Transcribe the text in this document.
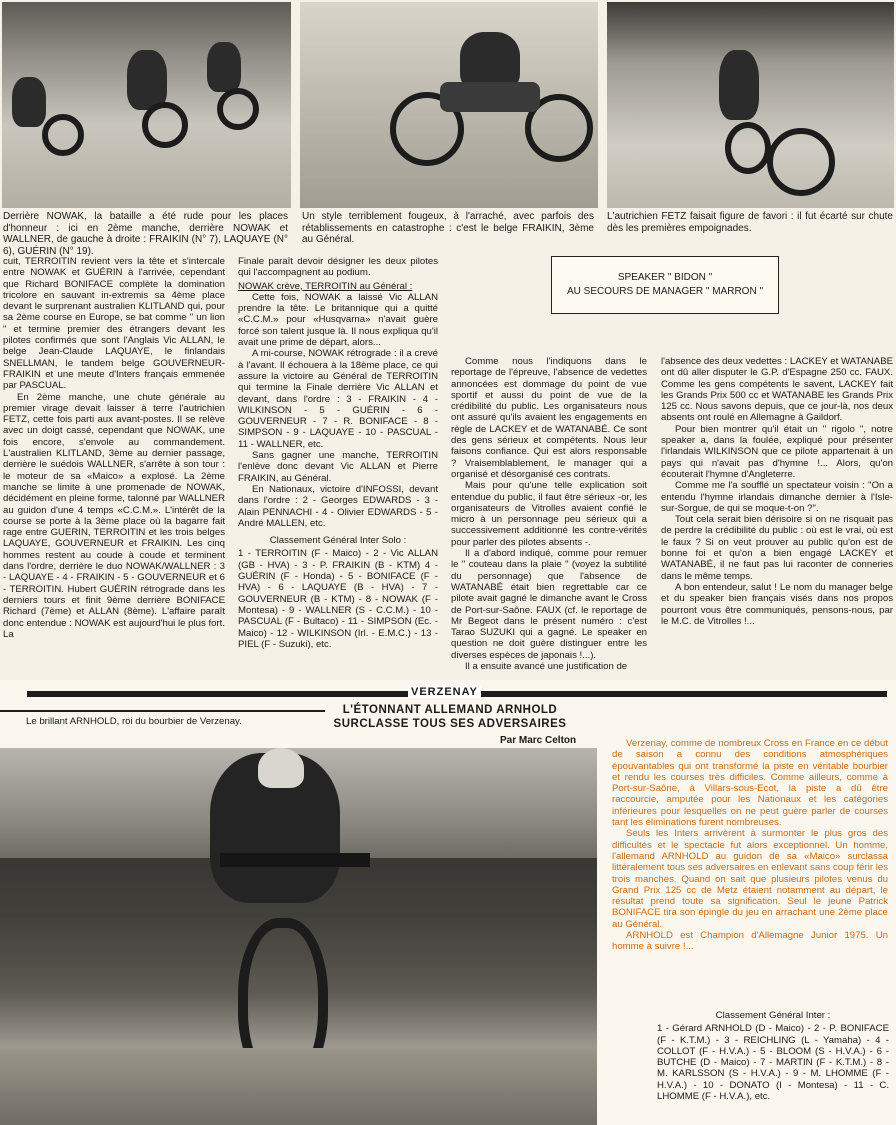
Derrière NOWAK, la bataille a été rude pour les places d'honneur : ici en 2ème manche, derrière NOWAK et WALLNER, de gauche à droite : FRAIKIN (N° 7), LAQUAYE (N° 6), GUÉRIN (N° 19).
Un style terriblement fougeux, à l'arraché, avec parfois des rétablissements en catastrophe : c'est le belge FRAIKIN, 3ème au Général.
L'autrichien FETZ faisait figure de favori : il fut écarté sur chute dès les premières empoignades.

cuit, TERROITIN revient vers la tête et s'intercale entre NOWAK et GUÉRIN à l'arrivée, cependant que Richard BONIFACE complète la domination tricolore en sauvant in-extremis sa 4ème place devant le surprenant australien KLITLAND qui, pour sa 2ème course en Europe, se bat comme " un lion " et termine premier des étrangers devant les pilotes confirmés que sont l'Anglais Vic ALLAN, le belge Jean-Claude LAQUAYE, le finlandais SNELLMAN, le tandem belge GOUVERNEUR-FRAIKIN et une meute d'Inters français emmenée par PASCUAL.

En 2ème manche, une chute générale au premier virage devait laisser à terre l'autrichien FETZ, cette fois parti aux avant-postes. Il se relève avec un doigt cassé, cependant que NOWAK, une fois encore, s'envole au commandement. L'australien KLITLAND, 3ème au dernier passage, derrière le suédois WALLNER, s'arrête à son tour : le moteur de sa «Maico» a explosé. La 2ème manche se limite à une promenade de NOWAK, décidément en pleine forme, talonné par WALLNER au guidon d'une 4 temps «C.C.M.». L'intérêt de la course se porte à la 3ème place où la bagarre fait rage entre GUERIN, TERROITIN et les trois belges LAQUAYE, GOUVERNEUR et FRAIKIN. Les cinq hommes restent au coude à coude et terminent dans l'ordre, derrière le duo NOWAK/WALLNER : 3 - LAQUAYE - 4 - FRAIKIN - 5 - GOUVERNEUR et 6 - TERROITIN. Hubert GUÉRIN rétrograde dans les derniers tours et finit 9ème derrière BONIFACE Richard (7ème) et ALLAN (8ème). L'affaire paraît donc entendue : NOWAK est aujourd'hui le plus fort. La

Finale paraît devoir désigner les deux pilotes qui l'accompagnent au podium.

NOWAK crève, TERROITIN au Général :

Cette fois, NOWAK a laissé Vic ALLAN prendre la tête. Le britannique qui a quitté «C.C.M.» pour «Husqvarna» n'avait guère forcé son talent jusque là. Il nous expliqua qu'il avait une prime de départ, alors...

A mi-course, NOWAK rétrograde : il a crevé à l'avant. Il échouera à la 18ème place, ce qui assure la victoire au Général de TERROITIN qui termine la Finale derrière Vic ALLAN et devant, dans l'ordre : 3 - FRAIKIN - 4 - WILKINSON - 5 - GUÉRIN - 6 - GOUVERNEUR - 7 - R. BONIFACE - 8 - SIMPSON - 9 - LAQUAYE - 10 - PASCUAL - 11 - WALLNER, etc.

Sans gagner une manche, TERROITIN l'enlève donc devant Vic ALLAN et Pierre FRAIKIN, au Général.

En Nationaux, victoire d'INFOSSI, devant dans l'ordre : 2 - Georges EDWARDS - 3 - Alain PENNACHI - 4 - Olivier EDWARDS - 5 - André MALLEN, etc.

Classement Général Inter Solo :

1 - TERROITIN (F - Maico) - 2 - Vic ALLAN (GB - HVA) - 3 - P. FRAIKIN (B - KTM) 4 - GUÉRIN (F - Honda) - 5 - BONIFACE (F - HVA) - 6 - LAQUAYE (B - HVA) - 7 - GOUVERNEUR (B - KTM) - 8 - NOWAK (F - Montesa) - 9 - WALLNER (S - C.C.M.) - 10 - PASCUAL (F - Bultaco) - 11 - SIMPSON (Ec. - Maico) - 12 - WILKINSON (Irl. - E.M.C.) - 13 - PIEL (F - Suzuki), etc.

SPEAKER " BIDON "
AU SECOURS DE MANAGER " MARRON "

Comme nous l'indiquons dans le reportage de l'épreuve, l'absence de vedettes annoncées est dommage du point de vue sportif et aussi du point de vue de la crédibilité du public. Les organisateurs nous ont assuré qu'ils avaient les engagements en règle de LACKEY et de WATANABÉ. Ce sont des gens sérieux et compétents. Nous leur faisons confiance. Qui est alors responsable ? Vraisemblablement, le manager qui a organisé et désorganisé ces contrats.

Mais pour qu'une telle explication soit entendue du public, il faut être sérieux -or, les organisateurs de Vitrolles avaient confié le micro à un personnage peu sérieux qui a successivement additionné les contre-vérités pour parler des pilotes absents -.

Il a d'abord indiqué, comme pour remuer le " couteau dans la plaie " (voyez la subtilité du personnage) que l'absence de WATANABÉ était bien regrettable car ce pilote avait gagné le dimanche avant le Cross de Port-sur-Saône. FAUX (cf. le reportage de Mr Begeot dans le présent numéro : c'est Tarao SUZUKI qui a gagné. Le speaker en question ne doit guère distinguer entre les diverses espèces de japonais !...).

Il a ensuite avancé une justification de

l'absence des deux vedettes : LACKEY et WATANABE ont dû aller disputer le G.P. d'Espagne 250 cc. FAUX. Comme les gens compétents le savent, LACKEY fait les Grands Prix 500 cc et WATANABE les Grands Prix 125 cc. Nous savons depuis, que ce jour-là, nos deux absents ont roulé en Allemagne à Gaildorf.

Pour bien montrer qu'il était un " rigolo ", notre speaker a, dans la foulée, expliqué pour présenter l'irlandais WILKINSON que ce pilote appartenait à un pays qui n'avait pas d'hymne !... Alors, qu'on écouterait l'hymne d'Angleterre.

Comme me l'a soufflé un spectateur voisin : "On a entendu l'hymne irlandais dimanche dernier à l'Isle-sur-Sorgue, de qui se moque-t-on ?".

Tout cela serait bien dérisoire si on ne risquait pas de perdre la crédibilité du public : où est le vrai, où est le faux ? Si on veut prouver au public qu'on est de bonne foi et qu'on a bien engagé LACKEY et WATANABÉ, il ne faut pas lui raconter de conneries dans le même temps.

A bon entendeur, salut ! Le nom du manager belge et du speaker bien français visés dans nos propos pourront vous être communiqués, pensons-nous, par le M.C. de Vitrolles !...

VERZENAY
L'ÉTONNANT ALLEMAND ARNHOLD
SURCLASSE TOUS SES ADVERSAIRES
Par Marc Celton
Le brillant ARNHOLD, roi du bourbier de Verzenay.

Verzenay, comme de nombreux Cross en France en ce début de saison a connu des conditions atmosphériques épouvantables qui ont transformé la piste en véritable bourbier et rendu les courses très difficiles. Comme ailleurs, comme à Port-sur-Saône, à Villars-sous-Ecot, la piste a dû être raccourcie, amputée pour les Nationaux et les catégories inférieures pour lesquelles on ne peut guère parler de courses tant les éliminations furent nombreuses.

Seuls les Inters arrivèrent à surmonter le plus gros des difficultés et le spectacle fut alors exceptionnel. Un homme, l'allemand ARNHOLD au guidon de sa «Maico» surclassa littéralement tous ses adversaires en enlevant sans coup férir les trois manches. Quand on sait que plusieurs pilotes venus du Grand Prix 125 cc de Metz étaient notamment au départ, le résultat prend toute sa signification. Seul le jeune Patrick BONIFACE tira son épingle du jeu en arrachant une 2ème place au Général.

ARNHOLD est Champion d'Allemagne Junior 1975. Un homme à suivre !...

Classement Général Inter :

1 - Gérard ARNHOLD (D - Maico) - 2 - P. BONIFACE (F - K.T.M.) - 3 - REICHLING (L - Yamaha) - 4 - COLLOT (F - H.V.A.) - 5 - BLOOM (S - H.V.A.) - 6 - BUTCHE (D - Maico) - 7 - MARTIN (F - K.T.M.) - 8 - M. KARLSSON (S - H.V.A.) - 9 - M. LHOMME (F - H.V.A.) - 10 - DONATO (I - Montesa) - 11 - C. LHOMME (F - H.V.A.), etc.
